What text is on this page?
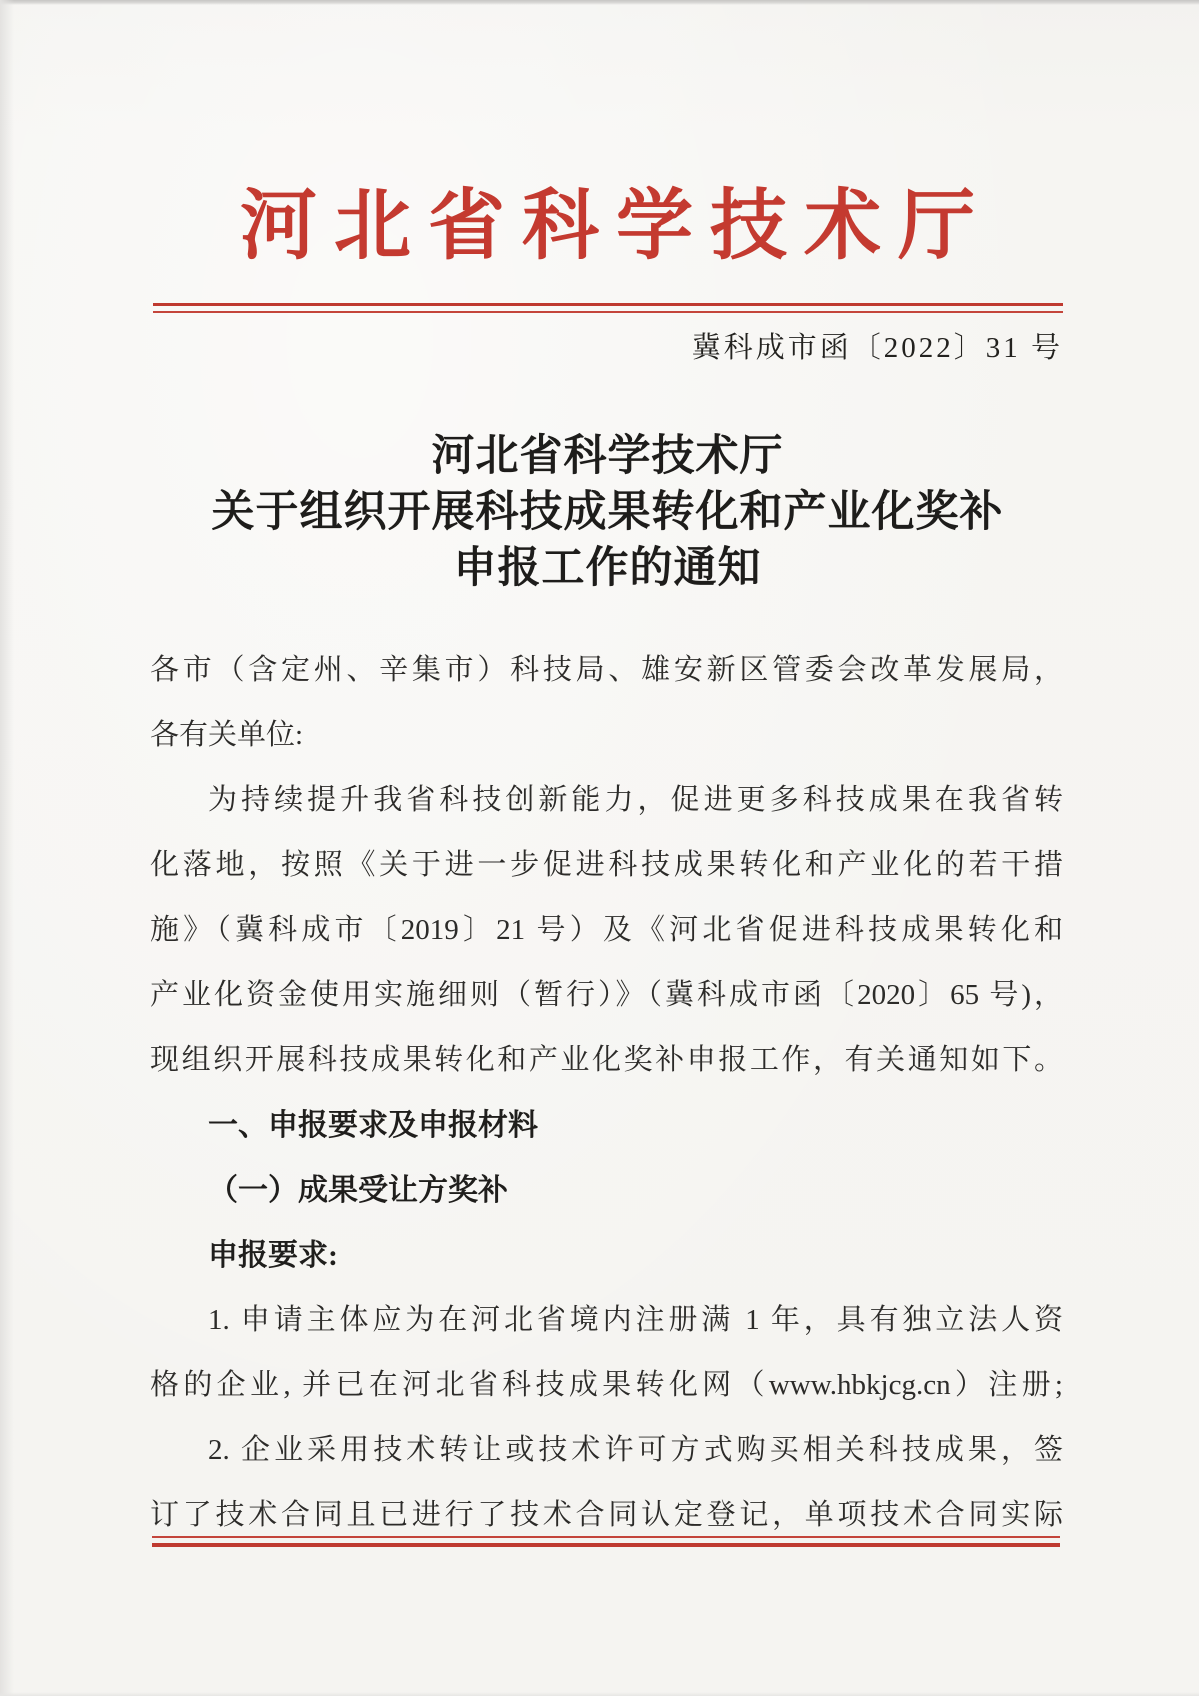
河北省科学技术厅
冀科成市函〔2022〕31 号
河北省科学技术厅
关于组织开展科技成果转化和产业化奖补
申报工作的通知
各市（含定州、辛集市）科技局、雄安新区管委会改革发展局，
各有关单位:
为持续提升我省科技创新能力，促进更多科技成果在我省转
化落地，按照《关于进一步促进科技成果转化和产业化的若干措
施》（冀科成市〔2019〕21 号）及《河北省促进科技成果转化和
产业化资金使用实施细则（暂行）》（冀科成市函〔2020〕65 号)，
现组织开展科技成果转化和产业化奖补申报工作，有关通知如下。
一、申报要求及申报材料
（一）成果受让方奖补
申报要求:
1. 申请主体应为在河北省境内注册满 1 年，具有独立法人资
格的企业, 并已在河北省科技成果转化网（www.hbkjcg.cn）注册;
2. 企业采用技术转让或技术许可方式购买相关科技成果，签
订了技术合同且已进行了技术合同认定登记，单项技术合同实际
